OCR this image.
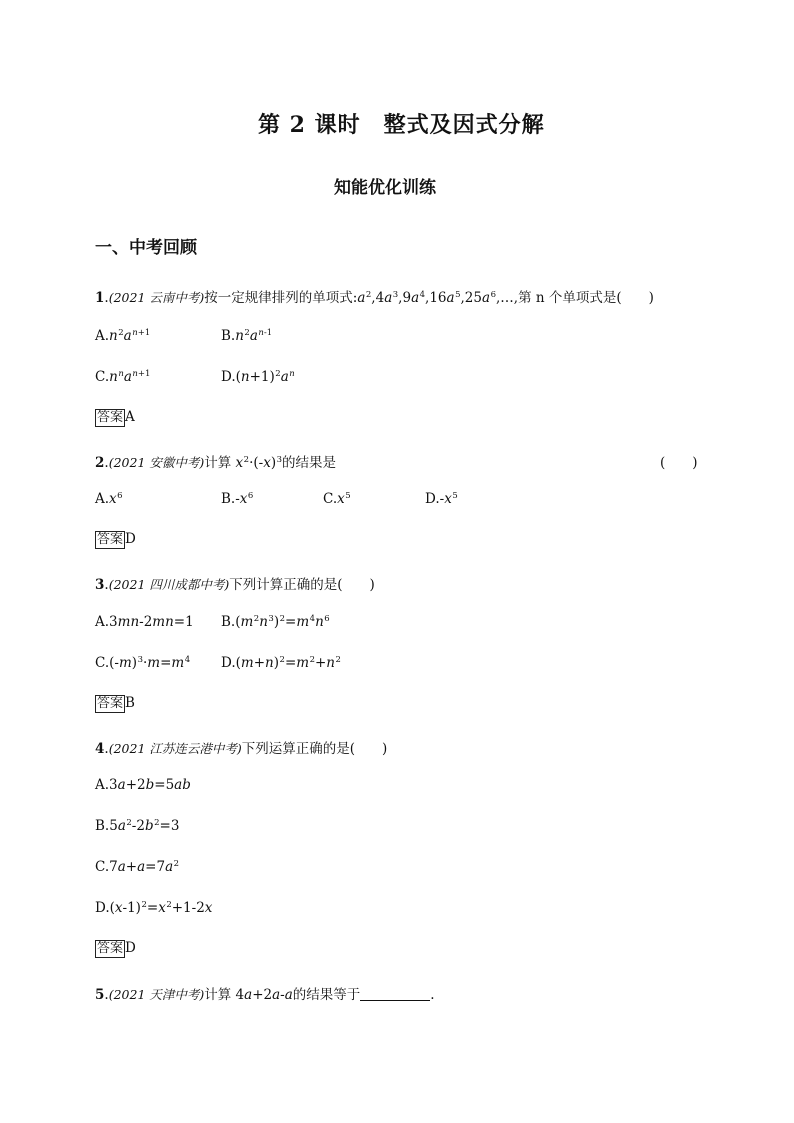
第 2 课时　整式及因式分解
知能优化训练
一、中考回顾
1.(2021 云南中考)按一定规律排列的单项式$:a^2,4a^3,9a^4,16a^5,25a^6,\dots$,第 n 个单项式是(　　)
$A.n^2a^{n+1}$	$B.n^2a^{n-1}$
$C.n^na^{n+1}$	$D.(n+1)^2a^n$
答案 A
2.(2021 安徽中考)计算 $x^2\cdot(-x)^3$的结果是	(　　)
$A.x^6$	$B.-x^6$	$C.x^5$	$D.-x^5$
答案 D
3.(2021 四川成都中考)下列计算正确的是(　　)
A.3mn-2mn=1 $B.(m^2n^3)^2=m^4n^6$
$C.(-m)^3\cdot m=m^4$ $D.(m+n)^2=m^2+n^2$
答案 B
4.(2021 江苏连云港中考)下列运算正确的是(　　)
A.3a+2b=5ab
$B.5a^2-2b^2=3$
$C.7a+a=7a^2$
$D.(x-1)^2=x^2+1-2x$
答案 D
5.(2021 天津中考)计算 4a+2a-a的结果等于	.
